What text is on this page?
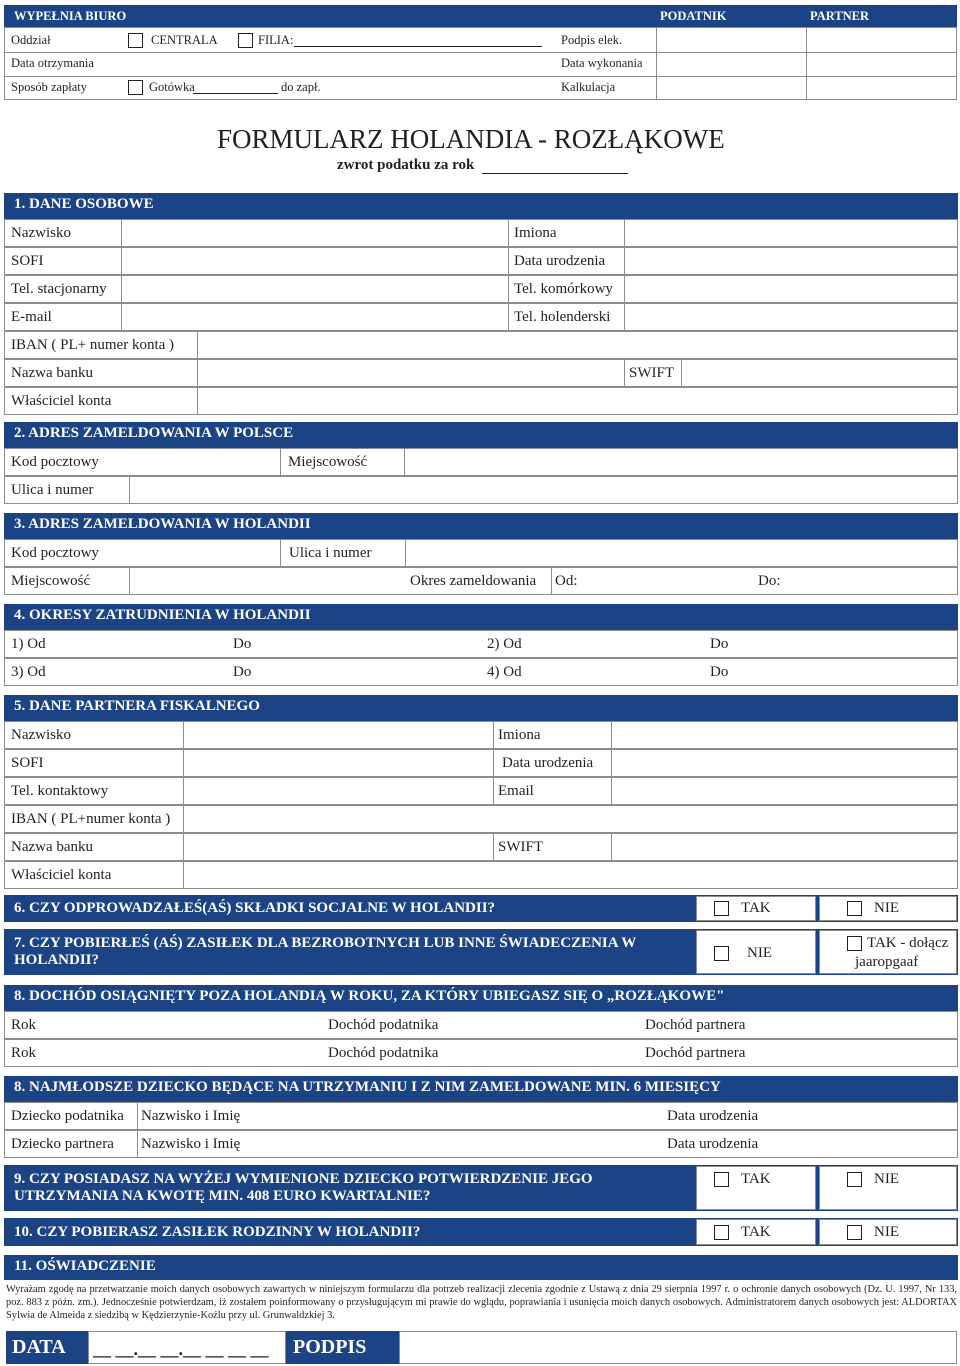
WYPEŁNIA BIURO	PODATNIK	PARTNER
Oddział	CENTRALA	FILIA:	Podpis elek.
Data otrzymania	Data wykonania
Sposób zapłaty	Gotówka	do zapł.	Kalkulacja
FORMULARZ HOLANDIA - ROZŁĄKOWE
zwrot podatku za rok
1. DANE OSOBOWE
Nazwisko	Imiona
SOFI	Data urodzenia
Tel. stacjonarny	Tel. komórkowy
E-mail	Tel. holenderski
IBAN ( PL+ numer konta )
Nazwa banku	SWIFT
Właściciel konta
2. ADRES ZAMELDOWANIA W POLSCE
Kod pocztowy	Miejscowość
Ulica i numer
3. ADRES ZAMELDOWANIA W HOLANDII
Kod pocztowy	Ulica i numer
Miejscowość	Okres zameldowania Od:	Do:
4. OKRESY ZATRUDNIENIA W HOLANDII
1) Od	Do	2) Od	Do
3) Od	Do	4) Od	Do
5. DANE PARTNERA FISKALNEGO
Nazwisko	Imiona
SOFI	Data urodzenia
Tel. kontaktowy	Email
IBAN ( PL+numer konta )
Nazwa banku	SWIFT
Właściciel konta
6. CZY ODPROWADZAŁEŚ(AŚ) SKŁADKI SOCJALNE W HOLANDII?	TAK	NIE
7. CZY POBIERŁEŚ (AŚ) ZASIŁEK DLA BEZROBOTNYCH LUB INNE ŚWIADECZENIA W HOLANDII?	NIE
TAK - dołącz
jaaropgaaf
8. DOCHÓD OSIĄGNIĘTY POZA HOLANDIĄ W ROKU, ZA KTÓRY UBIEGASZ SIĘ O „ROZŁĄKOWE"
Rok	Dochód podatnika	Dochód partnera
Rok	Dochód podatnika	Dochód partnera
8. NAJMŁODSZE DZIECKO BĘDĄCE NA UTRZYMANIU I Z NIM ZAMELDOWANE MIN. 6 MIESIĘCY
Dziecko podatnika Nazwisko i Imię	Data urodzenia
Dziecko partnera Nazwisko i Imię	Data urodzenia
9. CZY POSIADASZ NA WYŻEJ WYMIENIONE DZIECKO POTWIERDZENIE JEGO UTRZYMANIA NA KWOTĘ MIN. 408 EURO KWARTALNIE?
TAK	NIE
10. CZY POBIERASZ ZASIŁEK RODZINNY W HOLANDII?	TAK	NIE
11. OŚWIADCZENIE
Wyrażam zgodę na przetwarzanie moich danych osobowych zawartych w niniejszym formularzu dla potrzeb realizacji zlecenia zgodnie z Ustawą z dnia 29 sierpnia 1997 r. o ochronie danych osobowych (Dz. U. 1997, Nr 133, poz. 883 z późn. zm.). Jednocześnie potwierdzam, iż zostałem poinformowany o przysługującym mi prawie do wglądu, poprawiania i usunięcia moich danych osobowych. Administratorem danych osobowych jest: ALDORTAX Sylwia de Almeida z siedzibą w Kędzierzynie-Koźlu przy ul. Grunwaldzkiej 3.
DATA __ __.__ __.__ __ __ __ PODPIS
